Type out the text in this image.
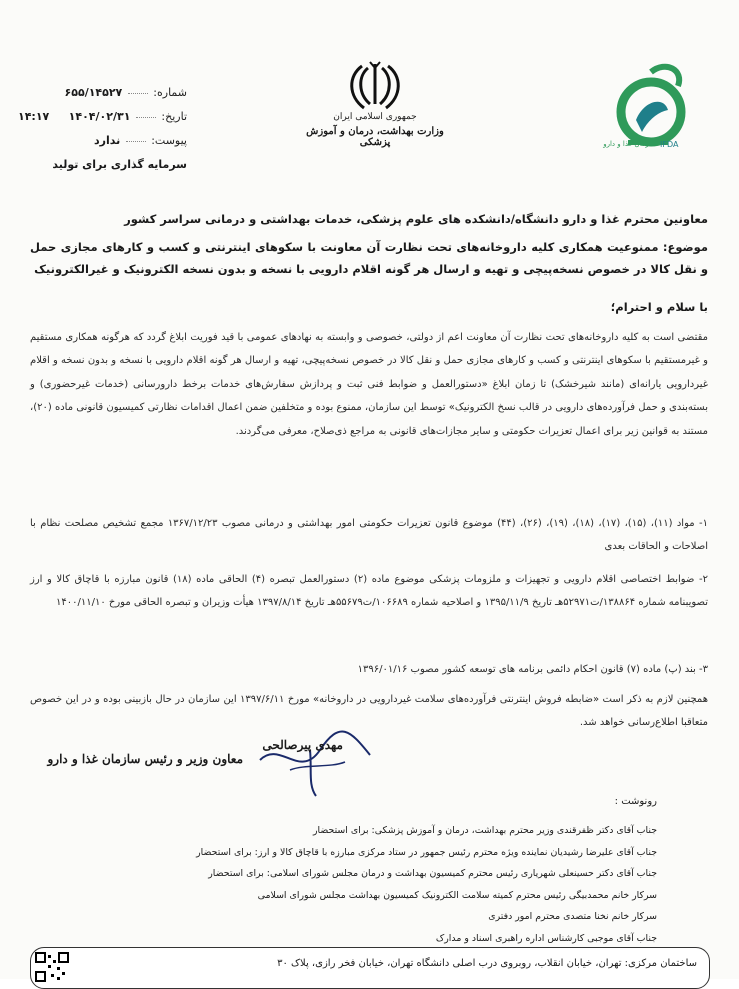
سازمان غذا و دارو IFDA
جمهوری اسلامی ایران
وزارت بهداشت، درمان و آموزش پزشکی
شماره:  ۶۵۵/۱۴۵۲۷
تاریخ:  ۱۴۰۴/۰۲/۳۱
۱۴:۱۷
پیوست:  ندارد
سرمایه گذاری برای تولید
معاونین محترم غذا و دارو دانشگاه/دانشکده های علوم پزشکی، خدمات بهداشتی و درمانی سراسر کشور
موضوع: ممنوعیت همکاری کلیه داروخانه‌های تحت نظارت آن معاونت با سکوهای اینترنتی و کسب و کارهای مجازی حمل و نقل کالا در خصوص نسخه‌پیچی و تهیه و ارسال هر گونه اقلام دارویی با نسخه و بدون نسخه الکترونیک و غیرالکترونیک
با سلام و احترام؛
مقتضی است به کلیه داروخانه‌های تحت نظارت آن معاونت اعم از دولتی، خصوصی و وابسته به نهادهای عمومی با قید فوریت ابلاغ گردد که هرگونه همکاری مستقیم و غیرمستقیم با سکوهای اینترنتی و کسب و کارهای مجازی حمل و نقل کالا در خصوص نسخه‌پیچی، تهیه و ارسال هر گونه اقلام دارویی با نسخه و بدون نسخه و اقلام غیردارویی یارانه‌ای (مانند شیرخشک) تا زمان ابلاغ «دستورالعمل و ضوابط فنی ثبت و پردازش سفارش‌های خدمات برخط دارورسانی (خدمات غیرحضوری) و بسته‌بندی و حمل فرآورده‌های دارویی در قالب نسخ الکترونیک» توسط این سازمان، ممنوع بوده و متخلفین ضمن اعمال اقدامات نظارتی کمیسیون قانونی ماده (۲۰)، مستند به قوانین زیر برای اعمال تعزیرات حکومتی و سایر مجازات‌های قانونی به مراجع ذی‌صلاح، معرفی می‌گردند.
۱- مواد (۱۱)، (۱۵)، (۱۷)، (۱۸)، (۱۹)، (۲۶)، (۴۴) موضوع قانون تعزیرات حکومتی امور بهداشتی و درمانی مصوب ۱۳۶۷/۱۲/۲۳ مجمع تشخیص مصلحت نظام با اصلاحات و الحاقات بعدی
۲- ضوابط اختصاصی اقلام دارویی و تجهیزات و ملزومات پزشکی موضوع ماده (۲) دستورالعمل تبصره (۴) الحاقی ماده (۱۸) قانون مبارزه با قاچاق کالا و ارز تصویبنامه شماره ۱۳۸۸۶۴/ت۵۲۹۷۱هـ تاریخ ۱۳۹۵/۱۱/۹ و اصلاحیه شماره ۱۰۶۶۸۹/ت۵۵۶۷۹هـ تاریخ ۱۳۹۷/۸/۱۴ هیأت وزیران و تبصره الحاقی مورخ ۱۴۰۰/۱۱/۱۰
۳- بند (پ) ماده (۷) قانون احکام دائمی برنامه های توسعه کشور مصوب ۱۳۹۶/۰۱/۱۶
همچنین لازم به ذکر است «ضابطه فروش اینترنتی فرآورده‌های سلامت غیردارویی در داروخانه» مورخ ۱۳۹۷/۶/۱۱ این سازمان در حال بازبینی بوده و در این خصوص متعاقبا اطلاع‌رسانی خواهد شد.
مهدی پیرصالحی
معاون وزیر و رئیس سازمان غذا و دارو
رونوشت :
جناب آقای دکتر ظفرقندی وزیر محترم بهداشت، درمان و آموزش پزشکی: برای استحضار
جناب آقای علیرضا رشیدیان نماینده ویژه محترم رئیس جمهور در ستاد مرکزی مبارزه با قاچاق کالا و ارز: برای استحضار
جناب آقای دکتر حسینعلی شهریاری رئیس محترم کمیسیون بهداشت و درمان مجلس شورای اسلامی: برای استحضار
سرکار خانم محمدبیگی رئیس محترم کمیته سلامت الکترونیک کمیسیون بهداشت مجلس شورای اسلامی
سرکار خانم نخنا متصدی محترم امور دفتری
جناب آقای موجبی کارشناس اداره راهبری اسناد و مدارک
ساختمان مرکزی: تهران، خیابان انقلاب، روبروی درب اصلی دانشگاه تهران، خیابان فخر رازی، پلاک ۳۰
